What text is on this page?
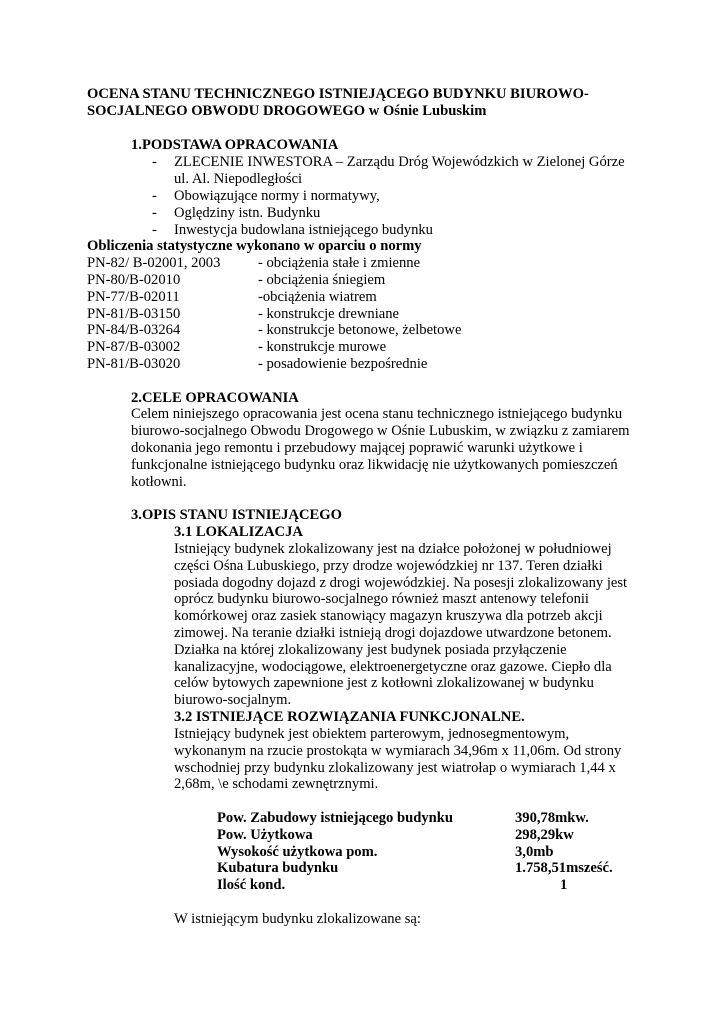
OCENA STANU TECHNICZNEGO ISTNIEJĄCEGO BUDYNKU BIUROWO-
SOCJALNEGO OBWODU DROGOWEGO w Ośnie Lubuskim
1.PODSTAWA OPRACOWANIA
- ZLECENIE INWESTORA – Zarządu Dróg Wojewódzkich w Zielonej Górze
ul. Al. Niepodległości
- Obowiązujące normy i normatywy,
- Oględziny istn. Budynku
- Inwestycja budowlana istniejącego budynku
Obliczenia statystyczne wykonano w oparciu o normy
PN-82/ B-02001, 2003	- obciążenia stałe i zmienne
PN-80/B-02010	- obciążenia śniegiem
PN-77/B-02011	-obciążenia wiatrem
PN-81/B-03150	- konstrukcje drewniane
PN-84/B-03264	- konstrukcje betonowe, żelbetowe
PN-87/B-03002	- konstrukcje murowe
PN-81/B-03020	- posadowienie bezpośrednie
2.CELE OPRACOWANIA
Celem niniejszego opracowania jest ocena stanu technicznego istniejącego budynku
biurowo-socjalnego Obwodu Drogowego w Ośnie Lubuskim, w związku z zamiarem
dokonania jego remontu i przebudowy mającej poprawić warunki użytkowe i
funkcjonalne istniejącego budynku oraz likwidację nie użytkowanych pomieszczeń
kotłowni.
3.OPIS STANU ISTNIEJĄCEGO
3.1 LOKALIZACJA
Istniejący budynek zlokalizowany jest na działce położonej w południowej
części Ośna Lubuskiego, przy drodze wojewódzkiej nr 137. Teren działki
posiada dogodny dojazd z drogi wojewódzkiej. Na posesji zlokalizowany jest
oprócz budynku biurowo-socjalnego również maszt antenowy telefonii
komórkowej oraz zasiek stanowiący magazyn kruszywa dla potrzeb akcji
zimowej. Na teranie działki istnieją drogi dojazdowe utwardzone betonem.
Działka na której zlokalizowany jest budynek posiada przyłączenie
kanalizacyjne, wodociągowe, elektroenergetyczne oraz gazowe. Ciepło dla
celów bytowych zapewnione jest z kotłowni zlokalizowanej w budynku
biurowo-socjalnym.
3.2 ISTNIEJĄCE ROZWIĄZANIA FUNKCJONALNE.
Istniejący budynek jest obiektem parterowym, jednosegmentowym,
wykonanym na rzucie prostokąta w wymiarach 34,96m x 11,06m. Od strony
wschodniej przy budynku zlokalizowany jest wiatrołap o wymiarach 1,44 x
2,68m, \e schodami zewnętrznymi.
Pow. Zabudowy istniejącego budynku	390,78mkw.
Pow. Użytkowa	298,29kw
Wysokość użytkowa pom.	3,0mb
Kubatura budynku	1.758,51msześć.
Ilość kond.	1
W istniejącym budynku zlokalizowane są:
